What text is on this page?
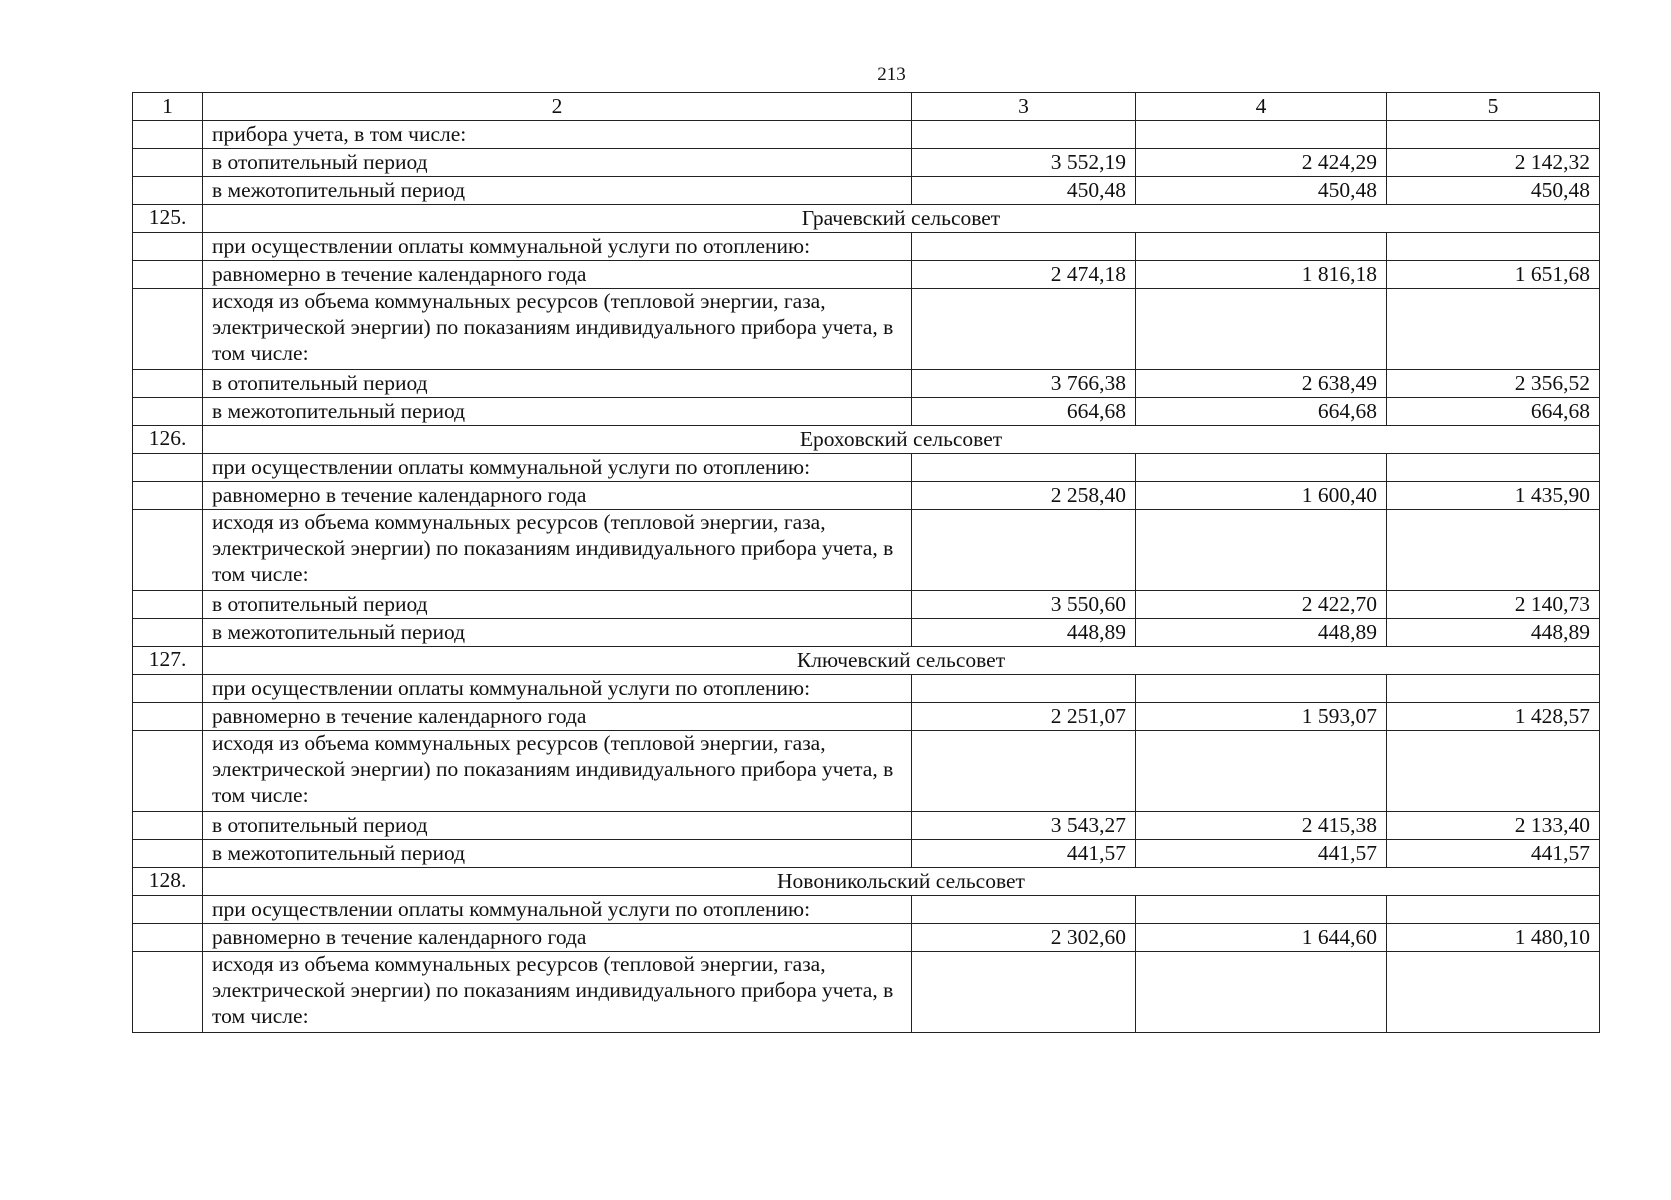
213
1	2	3	4	5
	прибора учета, в том числе:			
	в отопительный период	3 552,19	2 424,29	2 142,32
	в межотопительный период	450,48	450,48	450,48
125.	Грачевский сельсовет			
	при осуществлении оплаты коммунальной услуги по отоплению:			
	равномерно в течение календарного года	2 474,18	1 816,18	1 651,68
	исходя из объема коммунальных ресурсов (тепловой энергии, газа, электрической энергии) по показаниям индивидуального прибора учета, в том числе:			
	в отопительный период	3 766,38	2 638,49	2 356,52
	в межотопительный период	664,68	664,68	664,68
126.	Ероховский сельсовет			
	при осуществлении оплаты коммунальной услуги по отоплению:			
	равномерно в течение календарного года	2 258,40	1 600,40	1 435,90
	исходя из объема коммунальных ресурсов (тепловой энергии, газа, электрической энергии) по показаниям индивидуального прибора учета, в том числе:			
	в отопительный период	3 550,60	2 422,70	2 140,73
	в межотопительный период	448,89	448,89	448,89
127.	Ключевский сельсовет			
	при осуществлении оплаты коммунальной услуги по отоплению:			
	равномерно в течение календарного года	2 251,07	1 593,07	1 428,57
	исходя из объема коммунальных ресурсов (тепловой энергии, газа, электрической энергии) по показаниям индивидуального прибора учета, в том числе:			
	в отопительный период	3 543,27	2 415,38	2 133,40
	в межотопительный период	441,57	441,57	441,57
128.	Новоникольский сельсовет			
	при осуществлении оплаты коммунальной услуги по отоплению:			
	равномерно в течение календарного года	2 302,60	1 644,60	1 480,10
	исходя из объема коммунальных ресурсов (тепловой энергии, газа, электрической энергии) по показаниям индивидуального прибора учета, в том числе:			
